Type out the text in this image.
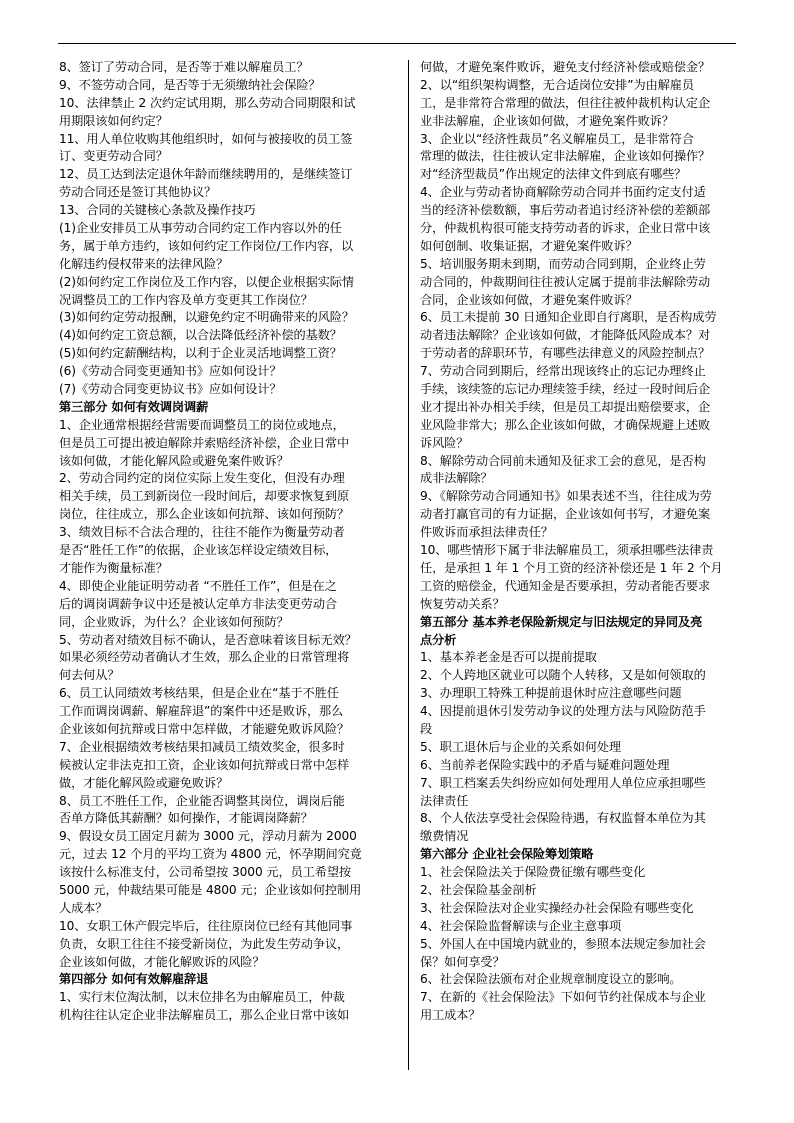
8、签订了劳动合同，是否等于难以解雇员工？
9、不签劳动合同，是否等于无须缴纳社会保险？
10、法律禁止 2 次约定试用期，那么劳动合同期限和试
用期限该如何约定？
11、用人单位收购其他组织时，如何与被接收的员工签
订、变更劳动合同？
12、员工达到法定退休年龄而继续聘用的，是继续签订
劳动合同还是签订其他协议？
13、合同的关键核心条款及操作技巧
(1)企业安排员工从事劳动合同约定工作内容以外的任
务，属于单方违约，该如何约定工作岗位/工作内容，以
化解违约侵权带来的法律风险？
(2)如何约定工作岗位及工作内容，以便企业根据实际情
况调整员工的工作内容及单方变更其工作岗位？
(3)如何约定劳动报酬，以避免约定不明确带来的风险？
(4)如何约定工资总额，以合法降低经济补偿的基数？
(5)如何约定薪酬结构，以利于企业灵活地调整工资？
(6)《劳动合同变更通知书》应如何设计？
(7)《劳动合同变更协议书》应如何设计？
第三部分 如何有效调岗调薪
1、企业通常根据经营需要而调整员工的岗位或地点，
但是员工可提出被迫解除并索赔经济补偿，企业日常中
该如何做，才能化解风险或避免案件败诉？
2、劳动合同约定的岗位实际上发生变化，但没有办理
相关手续，员工到新岗位一段时间后，却要求恢复到原
岗位，往往成立，那么企业该如何抗辩、该如何预防？
3、绩效目标不合法合理的，往往不能作为衡量劳动者
是否“胜任工作”的依据，企业该怎样设定绩效目标，
才能作为衡量标准？
4、即使企业能证明劳动者 “不胜任工作”，但是在之
后的调岗调薪争议中还是被认定单方非法变更劳动合
同，企业败诉，为什么？企业该如何预防？
5、劳动者对绩效目标不确认，是否意味着该目标无效？
如果必须经劳动者确认才生效，那么企业的日常管理将
何去何从？
6、员工认同绩效考核结果，但是企业在“基于不胜任
工作而调岗调薪、解雇辞退”的案件中还是败诉，那么
企业该如何抗辩或日常中怎样做，才能避免败诉风险？
7、企业根据绩效考核结果扣减员工绩效奖金，很多时
候被认定非法克扣工资，企业该如何抗辩或日常中怎样
做，才能化解风险或避免败诉？
8、员工不胜任工作，企业能否调整其岗位，调岗后能
否单方降低其薪酬？如何操作，才能调岗降薪？
9、假设女员工固定月薪为 3000 元，浮动月薪为 2000
元，过去 12 个月的平均工资为 4800 元，怀孕期间究竟
该按什么标准支付，公司希望按 3000 元，员工希望按
5000 元，仲裁结果可能是 4800 元；企业该如何控制用
人成本？
10、女职工休产假完毕后，往往原岗位已经有其他同事
负责，女职工往往不接受新岗位，为此发生劳动争议，
企业该如何做，才能化解败诉的风险？
第四部分 如何有效解雇辞退
1、实行末位淘汰制，以末位排名为由解雇员工，仲裁
机构往往认定企业非法解雇员工，那么企业日常中该如
何做，才避免案件败诉，避免支付经济补偿或赔偿金？
2、以“组织架构调整，无合适岗位安排”为由解雇员
工，是非常符合常理的做法，但往往被仲裁机构认定企
业非法解雇，企业该如何做，才避免案件败诉？
3、企业以“经济性裁员”名义解雇员工，是非常符合
常理的做法，往往被认定非法解雇，企业该如何操作？
对“经济型裁员”作出规定的法律文件到底有哪些？
4、企业与劳动者协商解除劳动合同并书面约定支付适
当的经济补偿数额，事后劳动者追讨经济补偿的差额部
分，仲裁机构很可能支持劳动者的诉求，企业日常中该
如何创制、收集证据，才避免案件败诉？
5、培训服务期未到期，而劳动合同到期，企业终止劳
动合同的，仲裁期间往往被认定属于提前非法解除劳动
合同，企业该如何做，才避免案件败诉？
6、员工未提前 30 日通知企业即自行离职，是否构成劳
动者违法解除？企业该如何做，才能降低风险成本？对
于劳动者的辞职环节，有哪些法律意义的风险控制点？
7、劳动合同到期后，经常出现该终止的忘记办理终止
手续，该续签的忘记办理续签手续，经过一段时间后企
业才提出补办相关手续，但是员工却提出赔偿要求，企
业风险非常大；那么企业该如何做，才确保规避上述败
诉风险？
8、解除劳动合同前未通知及征求工会的意见，是否构
成非法解除？
9、《解除劳动合同通知书》如果表述不当，往往成为劳
动者打赢官司的有力证据，企业该如何书写，才避免案
件败诉而承担法律责任？
10、哪些情形下属于非法解雇员工，须承担哪些法律责
任，是承担 1 年 1 个月工资的经济补偿还是 1 年 2 个月
工资的赔偿金，代通知金是否要承担，劳动者能否要求
恢复劳动关系？
第五部分 基本养老保险新规定与旧法规定的异同及亮
点分析
1、基本养老金是否可以提前提取
2、个人跨地区就业可以随个人转移，又是如何领取的
3、办理职工特殊工种提前退休时应注意哪些问题
4、因提前退休引发劳动争议的处理方法与风险防范手
段
5、职工退休后与企业的关系如何处理
6、当前养老保险实践中的矛盾与疑难问题处理
7、职工档案丢失纠纷应如何处理用人单位应承担哪些
法律责任
8、个人依法享受社会保险待遇，有权监督本单位为其
缴费情况
第六部分 企业社会保险筹划策略
1、社会保险法关于保险费征缴有哪些变化
2、社会保险基金剖析
3、社会保险法对企业实操经办社会保险有哪些变化
4、社会保险监督解读与企业主意事项
5、外国人在中国境内就业的，参照本法规定参加社会
保？如何享受？
6、社会保险法颁布对企业规章制度设立的影响。
7、在新的《社会保险法》下如何节约社保成本与企业
用工成本？
